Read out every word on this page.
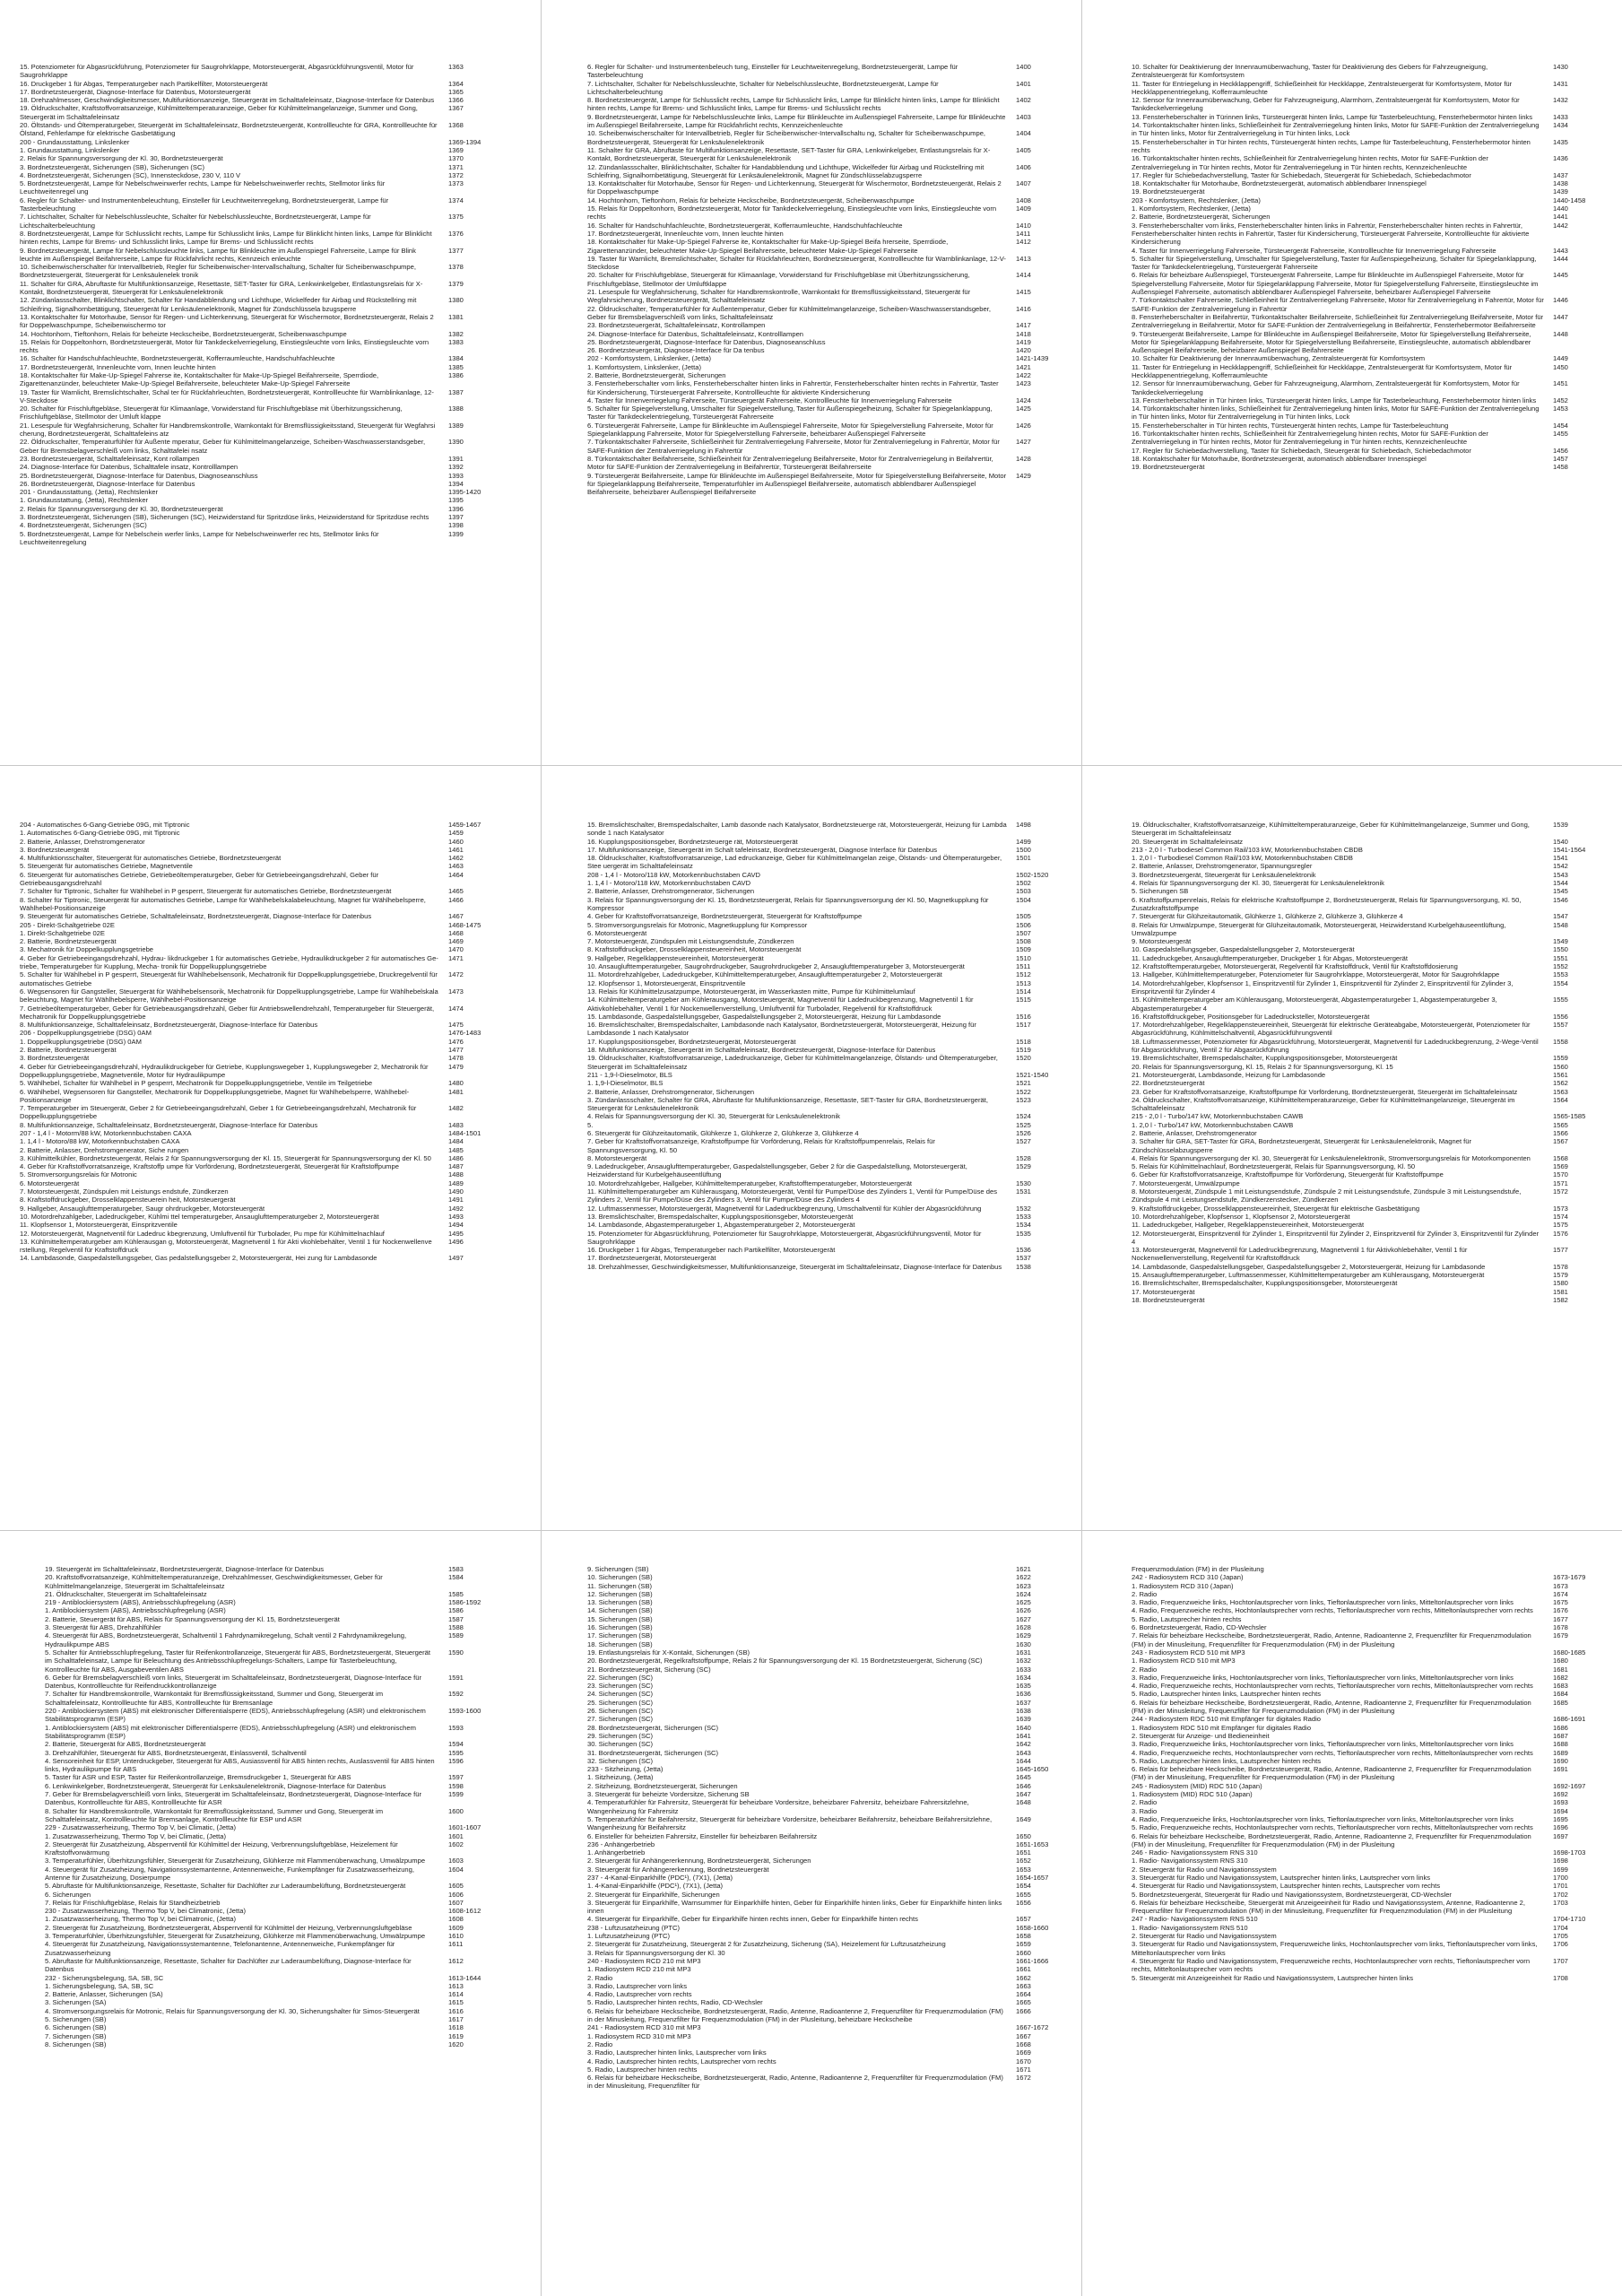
15. Potenziometer für Abgasrückführung, Potenziometer für Saugrohrklappe, Motorsteuergerät, Abgasrückführungsventil, Motor für Saugrohrklappe
1363
16. Druckgeber 1 für Abgas, Temperaturgeber nach Partikelfilter, Motorsteuergerät	1364
17. Bordnetzsteuergerät, Diagnose-Interface für Datenbus, Motorsteuergerät	1365
18. Drehzahlmesser, Geschwindigkeitsmesser, Multifunktionsanzeige, Steuergerät im Schalttafeleinsatz, Diagnose-Interface für Datenbus	1366
19. Öldruckschalter, Kraftstoffvorratsanzeige, Kühlmitteltemperaturanzeige, Geber für Kühlmittelmangelanzeige, Summer und Gong, Steuergerät im Schalttafeleinsatz
1367
20. Öltstands- und Öltemperaturgeber, Steuergerät im Schalttafeleinsatz, Bordnetzsteuergerät, Kontrollleuchte für GRA, Kontrollleuchte für Ölstand, Fehlerlampe für elektrische Gasbetätigung
1368
200 - Grundausstattung, Linkslenker	1369-1394
1. Grundausstattung, Linkslenker	1369
2. Relais für Spannungsversorgung der Kl. 30, Bordnetzsteuergerät	1370
3. Bordnetzsteuergerät, Sicherungen (SB), Sicherungen (SC)	1371
4. Bordnetzsteuergerät, Sicherungen (SC), Innensteckdose, 230 V, 110 V	1372
5. Bordnetzsteuergerät, Lampe für Nebelschweinwerfer rechts, Lampe für Nebelschweinwerfer rechts, Stellmotor links für Leuchtweitenregel ung
1373
6. Regler für Schalter- und Instrumentenbeleuchtung, Einsteller für Leuchtweitenregelung, Bordnetzsteuergerät, Lampe für Tasterbeleuchtung
1374
7. Lichtschalter, Schalter für Nebelschlussleuchte, Schalter für Nebelschlussleuchte, Bordnetzsteuergerät, Lampe für Lichtschalterbeleuchtung
1375
8. Bordnetzsteuergerät, Lampe für Schlusslicht rechts, Lampe für Schlusslicht links, Lampe für Blinklicht hinten links, Lampe für Blinklicht hinten rechts, Lampe für Brems- und Schlusslicht links, Lampe für Brems- und Schlusslicht rechts
1376
9. Bordnetzsteuergerät, Lampe für Nebelschlussleuchte links, Lampe für Blinkleuchte im Außenspiegel Fahrerseite, Lampe für Blink leuchte im Außenspiegel Beifahrerseite, Lampe für Rückfahrlicht rechts, Kennzeich enleuchte
1377
10. Scheibenwischerschalter für Intervallbetrieb, Regler für Scheibenwischer-Intervallschaltung, Schalter für Scheibenwaschpumpe, Bordnetzsteuergerät, Steuergerät für Lenksäulenelek tronik
1378
11. Schalter für GRA, Abruftaste für Multifunktionsanzeige, Resettaste, SET-Taster für GRA, Lenkwinkelgeber, Entlastungsrelais für X-Kontakt, Bordnetzsteuergerät, Steuergerät für Lenksäulenelektronik
1379
12. Zündanlassschalter, Blinklichtschalter, Schalter für Handabblendung und Lichthupe, Wickelfeder für Airbag und Rückstellring mit Schleifring, Signalhornbetätigung, Steuergerät für Lenksäulenelektronik, Magnet für Zündschlüssela bzugsperre
1380
13. Kontaktschalter für Motorhaube, Sensor für Regen- und Lichterkennung, Steuergerät für Wischermotor, Bordnetzsteuergerät, Relais 2 für Doppelwaschpumpe, Scheibenwischermo tor
1381
14. Hochtonhorn, Tieftonhorn, Relais für beheizte Heckscheibe, Bordnetzsteuergerät, Scheibenwaschpumpe	1382
15. Relais für Doppeltonhorn, Bordnetzsteuergerät, Motor für Tankdeckelverriegelung, Einstiegsleuchte vorn links, Einstiegsleuchte vorn rechts
1383
16. Schalter für Handschuhfachleuchte, Bordnetzsteuergerät, Kofferraumleuchte, Handschuhfachleuchte	1384
17. Bordnetzsteuergerät, Innenleuchte vorn, Innen leuchte hinten	1385
18. Kontaktschalter für Make-Up-Spiegel Fahrerse ite, Kontaktschalter für Make-Up-Spiegel Beifahrerseite, Sperrdiode, Zigarettenanzünder, beleuchteter Make-Up-Spiegel Beifahrerseite, beleuchteter Make-Up-Spiegel Fahrerseite
1386
19. Taster für Warnlicht, Bremslichtschalter, Schal ter für Rückfahrleuchten, Bordnetzsteuergerät, Kontrollleuchte für Warnblinkanlage, 12-V-Steckdose
1387
20. Schalter für Frischluftgebläse, Steuergerät für Klimaanlage, Vorwiderstand für Frischluftgebläse mit Überhitzungssicherung, Frischluftgebläse, Stellmotor der Umluft klappe
1388
21. Lesespule für Wegfahrsicherung, Schalter für Handbremskontrolle, Warnkontakt für Bremsflüssigkeitsstand, Steuergerät für Wegfahrsi cherung, Bordnetzsteuergerät, Schalttafeleins atz
1389
22. Öldruckschalter, Temperaturfühler für Außente mperatur, Geber für Kühlmittelmangelanzeige, Scheiben-Waschwasserstandsgeber, Geber für Bremsbelagverschleiß vorn links, Schalttafelei nsatz
1390
23. Bordnetzsteuergerät, Schalttafeleinsatz, Kont rollampen	1391
24. Diagnose-Interface für Datenbus, Schalttafele insatz, Kontrolllampen	1392
25. Bordnetzsteuergerät, Diagnose-Interface für Datenbus, Diagnoseanschluss	1393
26. Bordnetzsteuergerät, Diagnose-Interface für Datenbus	1394
201 - Grundausstattung, (Jetta), Rechtslenker	1395-1420
1. Grundausstattung, (Jetta), Rechtslenker	1395
2. Relais für Spannungsversorgung der Kl. 30, Bordnetzsteuergerät	1396
3. Bordnetzsteuergerät, Sicherungen (SB), Sicherungen (SC), Heizwiderstand für Spritzdüse links, Heizwiderstand für Spritzdüse rechts	1397
4. Bordnetzsteuergerät, Sicherungen (SC)	1398
5. Bordnetzsteuergerät, Lampe für Nebelschein werfer links, Lampe für Nebelschweinwerfer rec hts, Stellmotor links für Leuchtweitenregelung
1399
6. Regler für Schalter- und Instrumentenbeleuch tung, Einsteller für Leuchtweitenregelung, Bordnetzsteuergerät, Lampe für Tasterbeleuchtung
1400
7. Lichtschalter, Schalter für Nebelschlussleuchte, Schalter für Nebelschlussleuchte, Bordnetzsteuergerät, Lampe für Lichtschalterbeleuchtung
1401
8. Bordnetzsteuergerät, Lampe für Schlusslicht rechts, Lampe für Schlusslicht links, Lampe für Blinklicht hinten links, Lampe für Blinklicht hinten rechts, Lampe für Brems- und Schlusslicht links, Lampe für Brems- und Schlusslicht rechts
1402
9. Bordnetzsteuergerät, Lampe für Nebelschlussleuchte links, Lampe für Blinkleuchte im Außenspiegel Fahrerseite, Lampe für Blinkleuchte im Außenspiegel Beifahrerseite, Lampe für Rückfahrlicht rechts, Kennzeichenleuchte
1403
10. Scheibenwischerschalter für Intervallbetrieb, Regler für Scheibenwischer-Intervallschaltu ng, Schalter für Scheibenwaschpumpe, Bordnetzsteuergerät, Steuergerät für Lenksäulenelektronik
1404
11. Schalter für GRA, Abruftaste für Multifunktionsanzeige, Resettaste, SET-Taster für GRA, Lenkwinkelgeber, Entlastungsrelais für X-Kontakt, Bordnetzsteuergerät, Steuergerät für Lenksäulenelektronik
1405
12. Zündanlassschalter, Blinklichtschalter, Schalter für Handabblendung und Lichthupe, Wickelfeder für Airbag und Rückstellring mit Schleifring, Signalhornbetätigung, Steuergerät für Lenksäulenelektronik, Magnet für Zündschlüsselabzugsperre
1406
13. Kontaktschalter für Motorhaube, Sensor für Regen- und Lichterkennung, Steuergerät für Wischermotor, Bordnetzsteuergerät, Relais 2 für Doppelwaschpumpe
1407
14. Hochtonhorn, Tieftonhorn, Relais für beheizte Heckscheibe, Bordnetzsteuergerät, Scheibenwaschpumpe	1408
15. Relais für Doppeltonhorn, Bordnetzsteuergerät, Motor für Tankdeckelverriegelung, Einstiegsleuchte vorn links, Einstiegsleuchte vorn rechts
1409
16. Schalter für Handschuhfachleuchte, Bordnetzsteuergerät, Kofferraumleuchte, Handschuhfachleuchte	1410
17. Bordnetzsteuergerät, Innenleuchte vorn, Innen leuchte hinten	1411
18. Kontaktschalter für Make-Up-Spiegel Fahrerse ite, Kontaktschalter für Make-Up-Spiegel Beifa hrerseite, Sperrdiode, Zigarettenanzünder, beleuchteter Make-Up-Spiegel Beifahrerseite, beleuchteter Make-Up-Spiegel Fahrerseite
1412
19. Taster für Warnlicht, Bremslichtschalter, Schalter für Rückfahrleuchten, Bordnetzsteuergerät, Kontrollleuchte für Warnblinkanlage, 12-V-Steckdose
1413
20. Schalter für Frischluftgebläse, Steuergerät für Klimaanlage, Vorwiderstand für Frischluftgebläse mit Überhitzungssicherung, Frischluftgebläse, Stellmotor der Umluftklappe
1414
21. Lesespule für Wegfahrsicherung, Schalter für Handbremskontrolle, Warnkontakt für Bremsflüssigkeitsstand, Steuergerät für Wegfahrsicherung, Bordnetzsteuergerät, Schalttafeleinsatz
1415
22. Öldruckschalter, Temperaturfühler für Außentemperatur, Geber für Kühlmittelmangelanzeige, Scheiben-Waschwasserstandsgeber, Geber für Bremsbelagverschleiß vorn links, Schalttafeleinsatz
1416
23. Bordnetzsteuergerät, Schalttafeleinsatz, Kontrollampen	1417
24. Diagnose-Interface für Datenbus, Schalttafeleinsatz, Kontrolllampen	1418
25. Bordnetzsteuergerät, Diagnose-Interface für Datenbus, Diagnoseanschluss	1419
26. Bordnetzsteuergerät, Diagnose-Interface für Da tenbus	1420
202 - Komfortsystem, Linkslenker, (Jetta)	1421-1439
1. Komfortsystem, Linkslenker, (Jetta)	1421
2. Batterie, Bordnetzsteuergerät, Sicherungen	1422
3. Fensterheberschalter vorn links, Fensterheberschalter hinten links in Fahrertür, Fensterheberschalter hinten rechts in Fahrertür, Taster für Kindersicherung, Türsteuergerät Fahrerseite, Kontrollleuchte für aktivierte Kindersicherung
1423
4. Taster für Innenverriegelung Fahrerseite, Türsteuergerät Fahrerseite, Kontrollleuchte für Innenverriegelung Fahrerseite	1424
5. Schalter für Spiegelverstellung, Umschalter für Spiegelverstellung, Taster für Außenspiegelheizung, Schalter für Spiegelanklappung, Taster für Tankdeckelentriegelung, Türsteuergerät Fahrerseite
1425
6. Türsteuergerät Fahrerseite, Lampe für Blinkleuchte im Außenspiegel Fahrerseite, Motor für Spiegelverstellung Fahrerseite, Motor für Spiegelanklappung Fahrerseite, Motor für Spiegelverstellung Fahrerseite, beheizbarer Außenspiegel Fahrerseite
1426
7. Türkontaktschalter Fahrerseite, Schließeinheit für Zentralverriegelung Fahrerseite, Motor für Zentralverriegelung in Fahrertür, Motor für SAFE-Funktion der Zentralverriegelung in Fahrertür
1427
8. Türkontaktschalter Beifahrerseite, Schließeinheit für Zentralverriegelung Beifahrerseite, Motor für Zentralverriegelung in Beifahrertür, Motor für SAFE-Funktion der Zentralverriegelung in Beifahrertür, Türsteuergerät Beifahrerseite
1428
9. Türsteuergerät Beifahrerseite, Lampe für Blinkleuchte im Außenspiegel Beifahrerseite, Motor für Spiegelverstellung Beifahrerseite, Motor für Spiegelanklappung Beifahrerseite, Temperaturfühler im Außenspiegel Beifahrerseite, automatisch abblendbarer Außenspiegel Beifahrerseite, beheizbarer Außenspiegel Beifahrerseite
1429
10. Schalter für Deaktivierung der Innenraumüberwachung, Taster für Deaktivierung des Gebers für Fahrzeugneigung, Zentralsteuergerät für Komfortsystem
1430
11. Taster für Entriegelung in Heckklappengriff, Schließeinheit für Heckklappe, Zentralsteuergerät für Komfortsystem, Motor für Heckklappenentriegelung, Kofferraumleuchte
1431
12. Sensor für Innenraumüberwachung, Geber für Fahrzeugneigung, Alarmhorn, Zentralsteuergerät für Komfortsystem, Motor für Tankdeckelverriegelung
1432
13. Fensterheberschalter in Türinnen links, Türsteuergerät hinten links, Lampe für Tasterbeleuchtung, Fensterhebermotor hinten links	1433
14. Türkontaktschalter hinten links, Schließeinheit für Zentralverriegelung hinten links, Motor für SAFE-Funktion der Zentralverriegelung in Tür hinten links, Motor für Zentralverriegelung in Tür hinten links, Lock
1434
15. Fensterheberschalter in Tür hinten rechts, Türsteuergerät hinten rechts, Lampe für Tasterbeleuchtung, Fensterhebermotor hinten rechts
1435
16. Türkontaktschalter hinten rechts, Schließeinheit für Zentralverriegelung hinten rechts, Motor für SAFE-Funktion der Zentralverriegelung in Tür hinten rechts, Motor für Zentralverriegelung in Tür hinten rechts, Kennzeichenleuchte
1436
17. Regler für Schiebedachverstellung, Taster für Schiebedach, Steuergerät für Schiebedach, Schiebedachmotor	1437
18. Kontaktschalter für Motorhaube, Bordnetzsteuergerät, automatisch abblendbarer Innenspiegel	1438
19. Bordnetzsteuergerät	1439
203 - Komfortsystem, Rechtslenker, (Jetta)	1440-1458
1. Komfortsystem, Rechtslenker, (Jetta)	1440
2. Batterie, Bordnetzsteuergerät, Sicherungen	1441
3. Fensterheberschalter vorn links, Fensterheberschalter hinten links in Fahrertür, Fensterheberschalter hinten rechts in Fahrertür, Fensterheberschalter hinten rechts in Fahrertür, Taster für Kindersicherung, Türsteuergerät Fahrerseite, Kontrollleuchte für aktivierte Kindersicherung
1442
4. Taster für Innenverriegelung Fahrerseite, Türsteuergerät Fahrerseite, Kontrollleuchte für Innenverriegelung Fahrerseite	1443
5. Schalter für Spiegelverstellung, Umschalter für Spiegelverstellung, Taster für Außenspiegelheizung, Schalter für Spiegelanklappung, Taster für Tankdeckelentriegelung, Türsteuergerät Fahrerseite
1444
6. Relais für beheizbare Außenspiegel, Türsteuergerät Fahrerseite, Lampe für Blinkleuchte im Außenspiegel Fahrerseite, Motor für Spiegelverstellung Fahrerseite, Motor für Spiegelanklappung Fahrerseite, Motor für Spiegelverstellung Fahrerseite, Einstiegsleuchte im Außenspiegel Fahrerseite, automatisch abblendbarer Außenspiegel Fahrerseite, beheizbarer Außenspiegel Fahrerseite
1445
7. Türkontaktschalter Fahrerseite, Schließeinheit für Zentralverriegelung Fahrerseite, Motor für Zentralverriegelung in Fahrertür, Motor für SAFE-Funktion der Zentralverriegelung in Fahrertür
1446
8. Fensterheberschalter in Beifahrertür, Türkontaktschalter Beifahrerseite, Schließeinheit für Zentralverriegelung Beifahrerseite, Motor für Zentralverriegelung in Beifahrertür, Motor für SAFE-Funktion der Zentralverriegelung in Beifahrertür, Fensterhebermotor Beifahrerseite
1447
9. Türsteuergerät Beifahrerseite, Lampe für Blinkleuchte im Außenspiegel Beifahrerseite, Motor für Spiegelverstellung Beifahrerseite, Motor für Spiegelanklappung Beifahrerseite, Motor für Spiegelverstellung Beifahrerseite, Einstiegsleuchte, automatisch abblendbarer Außenspiegel Beifahrerseite, beheizbarer Außenspiegel Beifahrerseite
1448
10. Schalter für Deaktivierung der Innenraumüberwachung, Zentralsteuergerät für Komfortsystem	1449
11. Taster für Entriegelung in Heckklappengriff, Schließeinheit für Heckklappe, Zentralsteuergerät für Komfortsystem, Motor für Heckklappenentriegelung, Kofferraumleuchte
1450
12. Sensor für Innenraumüberwachung, Geber für Fahrzeugneigung, Alarmhorn, Zentralsteuergerät für Komfortsystem, Motor für Tankdeckelverriegelung
1451
13. Fensterheberschalter in Tür hinten links, Türsteuergerät hinten links, Lampe für Tasterbeleuchtung, Fensterhebermotor hinten links	1452
14. Türkontaktschalter hinten links, Schließeinheit für Zentralverriegelung hinten links, Motor für SAFE-Funktion der Zentralverriegelung in Tür hinten links, Motor für Zentralverriegelung in Tür hinten links, Lock
1453
15. Fensterheberschalter in Tür hinten rechts, Türsteuergerät hinten rechts, Lampe für Tasterbeleuchtung	1454
16. Türkontaktschalter hinten rechts, Schließeinheit für Zentralverriegelung hinten rechts, Motor für SAFE-Funktion der Zentralverriegelung in Tür hinten rechts, Motor für Zentralverriegelung in Tür hinten rechts, Kennzeichenleuchte
1455
17. Regler für Schiebedachverstellung, Taster für Schiebedach, Steuergerät für Schiebedach, Schiebedachmotor	1456
18. Kontaktschalter für Motorhaube, Bordnetzsteuergerät, automatisch abblendbarer Innenspiegel	1457
19. Bordnetzsteuergerät	1458
204 - Automatisches 6-Gang-Getriebe 09G, mit Tiptronic	1459-1467
1. Automatisches 6-Gang-Getriebe 09G, mit Tiptronic	1459
2. Batterie, Anlasser, Drehstromgenerator	1460
3. Bordnetzsteuergerät	1461
4. Multifunktionsschalter, Steuergerät für automatisches Getriebe, Bordnetzsteuergerät	1462
5. Steuergerät für automatisches Getriebe, Magnetventile	1463
6. Steuergerät für automatisches Getriebe, Getriebeöltemperaturgeber, Geber für Getriebeeingangsdrehzahl, Geber für Getriebeausgangsdrehzahl
1464
7. Schalter für Tiptronic, Schalter für Wählhebel in P gesperrt, Steuergerät für automatisches Getriebe, Bordnetzsteuergerät	1465
8. Schalter für Tiptronic, Steuergerät für automatisches Getriebe, Lampe für Wählhebelskalabeleuchtung, Magnet für Wählhebelsperre, Wählhebel-Positionsanzeige
1466
9. Steuergerät für automatisches Getriebe, Schalttafeleinsatz, Bordnetzsteuergerät, Diagnose-Interface für Datenbus	1467
205 - Direkt-Schaltgetriebe 02E	1468-1475
1. Direkt-Schaltgetriebe 02E	1468
2. Batterie, Bordnetzsteuergerät	1469
3. Mechatronik für Doppelkupplungsgetriebe	1470
4. Geber für Getriebeeingangsdrehzahl, Hydrau- likdruckgeber 1 für automatisches Getriebe, Hydraulikdruckgeber 2 für automatisches Ge- triebe, Temperaturgeber für Kupplung, Mecha- tronik für Doppelkupplungsgetriebe
1471
5. Schalter für Wählhebel in P gesperrt, Steuergerät für Wählhebelsensorik, Mechatronik für Doppelkupplungsgetriebe, Druckregelventil für automatisches Getriebe
1472
6. Wegsensoren für Gangsteller, Steuergerät für Wählhebelsensorik, Mechatronik für Doppelkupplungsgetriebe, Lampe für Wählhebelskala beleuchtung, Magnet für Wählhebelsperre, Wählhebel-Positionsanzeige
1473
7. Getriebeöltemperaturgeber, Geber für Getriebeausgangsdrehzahl, Geber für Antriebswellendrehzahl, Temperaturgeber für Steuergerät, Mechatronik für Doppelkupplungsgetriebe
1474
8. Multifunktionsanzeige, Schalttafeleinsatz, Bordnetzsteuergerät, Diagnose-Interface für Datenbus	1475
206 - Doppelkupplungsgetriebe (DSG) 0AM	1476-1483
1. Doppelkupplungsgetriebe (DSG) 0AM	1476
2. Batterie, Bordnetzsteuergerät	1477
3. Bordnetzsteuergerät	1478
4. Geber für Getriebeeingangsdrehzahl, Hydraulikdruckgeber für Getriebe, Kupplungswegeber 1, Kupplungswegeber 2, Mechatronik für Doppelkupplungsgetriebe, Magnetventile, Motor für Hydraulikpumpe
1479
5. Wählhebel, Schalter für Wählhebel in P gesperrt, Mechatronik für Doppelkupplungsgetriebe, Ventile im Teilgetriebe	1480
6. Wählhebel, Wegsensoren für Gangsteller, Mechatronik für Doppelkupplungsgetriebe, Magnet für Wählhebelsperre, Wählhebel-Positionsanzeige
1481
7. Temperaturgeber im Steuergerät, Geber 2 für Getriebeeingangsdrehzahl, Geber 1 für Getriebeeingangsdrehzahl, Mechatronik für Doppelkupplungsgetriebe
1482
8. Multifunktionsanzeige, Schalttafeleinsatz, Bordnetzsteuergerät, Diagnose-Interface für Datenbus	1483
207 - 1,4 l - Motorm/88 kW, Motorkennbuchstaben CAXA	1484-1501
1. 1,4 l - Motoro/88 kW, Motorkennbuchstaben CAXA	1484
2. Batterie, Anlasser, Drehstromgenerator, Siche rungen	1485
3. Kühlmittelkühler, Bordnetzsteuergerät, Relais 2 für Spannungsversorgung der Kl. 15, Steuergerät für Spannungsversorgung der Kl. 50	1486
4. Geber für Kraftstoffvorratsanzeige, Kraftstoffp umpe für Vorförderung, Bordnetzsteuergerät, Steuergerät für Kraftstoffpumpe	1487
5. Stromversorgungsrelais für Motronic	1488
6. Motorsteuergerät	1489
7. Motorsteuergerät, Zündspulen mit Leistungs endstufe, Zündkerzen	1490
8. Kraftstoffdruckgeber, Drosselklappensteuerein heit, Motorsteuergerät	1491
9. Hallgeber, Ansauglufttemperaturgeber, Saugr ohrdruckgeber, Motorsteuergerät	1492
10. Motordrehzahlgeber, Ladedruckgeber, Kühlmi ttel temperaturgeber, Ansauglufttemperaturgeber 2, Motorsteuergerät	1493
11. Klopfsensor 1, Motorsteuergerät, Einspritzventile	1494
12. Motorsteuergerät, Magnetventil für Ladedruc kbegrenzung, Umluftventil für Turbolader, Pu mpe für Kühlmittelnachlauf	1495
13. Kühlmitteltemperaturgeber am Kühlerausgan g, Motorsteuergerät, Magnetventil 1 für Akti vkohlebehälter, Ventil 1 für Nockenwellenve rstellung, Regelventil für Kraftstoffdruck
1496
14. Lambdasonde, Gaspedalstellungsgeber, Gas pedalstellungsgeber 2, Motorsteuergerät, Hei zung für Lambdasonde	1497
15. Bremslichtschalter, Bremspedalschalter, Lamb dasonde nach Katalysator, Bordnetzsteuerge rät, Motorsteuergerät, Heizung für Lambda sonde 1 nach Katalysator
1498
16. Kupplungspositionsgeber, Bordnetzsteuerge rät, Motorsteuergerät	1499
17. Multifunktionsanzeige, Steuergerät im Schalt tafeleinsatz, Bordnetzsteuergerät, Diagnose Interface für Datenbus	1500
18. Öldruckschalter, Kraftstoffvorratsanzeige, Lad edruckanzeige, Geber für Kühlmittelmangelan zeige, Ölstands- und Öltemperaturgeber, Stee uergerät im Schalttafeleinsatz
1501
208 - 1,4 l - Motoro/118 kW, Motorkennbuchstaben CAVD	1502-1520
1. 1,4 l - Motoro/118 kW, Motorkennbuchstaben CAVD	1502
2. Batterie, Anlasser, Drehstromgenerator, Sicherungen	1503
3. Relais für Spannungsversorgung der Kl. 15, Bordnetzsteuergerät, Relais für Spannungsversorgung der Kl. 50, Magnetkupplung für Kompressor
1504
4. Geber für Kraftstoffvorratsanzeige, Bordnetzsteuergerät, Steuergerät für Kraftstoffpumpe	1505
5. Stromversorgungsrelais für Motronic, Magnetkupplung für Kompressor	1506
6. Motorsteuergerät	1507
7. Motorsteuergerät, Zündspulen mit Leistungsendstufe, Zündkerzen	1508
8. Kraftstoffdruckgeber, Drosselklappensteuereinheit, Motorsteuergerät	1509
9. Hallgeber, Regelklappensteuereinheit, Motorsteuergerät	1510
10. Ansauglufttemperaturgeber, Saugrohrdruckgeber, Saugrohrdruckgeber 2, Ansauglufttemperaturgeber 3, Motorsteuergerät	1511
11. Motordrehzahlgeber, Ladedruckgeber, Kühlmitteltemperaturgeber, Ansauglufttemperaturgeber 2, Motorsteuergerät	1512
12. Klopfsensor 1, Motorsteuergerät, Einspritzventile	1513
13. Relais für Kühlmittelzusatzpumpe, Motorsteuergerät, im Wasserkasten mitte, Pumpe für Kühlmittelumlauf	1514
14. Kühlmitteltemperaturgeber am Kühlerausgang, Motorsteuergerät, Magnetventil für Ladedruckbegrenzung, Magnetventil 1 für Aktivkohlebehälter, Ventil 1 für Nockenwellenverstellung, Umluftventil für Turbolader, Regelventil für Kraftstoffdruck
1515
15. Lambdasonde, Gaspedalstellungsgeber, Gaspedalstellungsgeber 2, Motorsteuergerät, Heizung für Lambdasonde	1516
16. Bremslichtschalter, Bremspedalschalter, Lambdasonde nach Katalysator, Bordnetzsteuergerät, Motorsteuergerät, Heizung für Lambdasonde 1 nach Katalysator
1517
17. Kupplungspositionsgeber, Bordnetzsteuergerät, Motorsteuergerät	1518
18. Multifunktionsanzeige, Steuergerät im Schalttafeleinsatz, Bordnetzsteuergerät, Diagnose-Interface für Datenbus	1519
19. Öldruckschalter, Kraftstoffvorratsanzeige, Ladedruckanzeige, Geber für Kühlmittelmangelanzeige, Ölstands- und Öltemperaturgeber, Steuergerät im Schalttafeleinsatz
1520
211 - 1,9-l-Dieselmotor, BLS	1521-1540
1. 1,9-l-Dieselmotor, BLS	1521
2. Batterie, Anlasser, Drehstromgenerator, Sicherungen	1522
3. Zündanlassschalter, Schalter für GRA, Abruftaste für Multifunktionsanzeige, Resettaste, SET-Taster für GRA, Bordnetzsteuergerät, Steuergerät für Lenksäulenelektronik
1523
4. Relais für Spannungsversorgung der Kl. 30, Steuergerät für Lenksäulenelektronik	1524
5.	1525
6. Steuergerät für Glühzeitautomatik, Glühkerze 1, Glühkerze 2, Glühkerze 3, Glühkerze 4	1526
7. Geber für Kraftstoffvorratsanzeige, Kraftstoffpumpe für Vorförderung, Relais für Kraftstoffpumpenrelais, Relais für Spannungsversorgung, Kl. 50
1527
8. Motorsteuergerät	1528
9. Ladedruckgeber, Ansauglufttemperaturgeber, Gaspedalstellungsgeber, Geber 2 für die Gaspedalstellung, Motorsteuergerät, Heizwiderstand für Kurbelgehäuseentlüftung
1529
10. Motordrehzahlgeber, Hallgeber, Kühlmitteltemperaturgeber, Kraftstofftemperaturgeber, Motorsteuergerät	1530
11. Kühlmitteltemperaturgeber am Kühlerausgang, Motorsteuergerät, Ventil für Pumpe/Düse des Zylinders 1, Ventil für Pumpe/Düse des Zylinders 2, Ventil für Pumpe/Düse des Zylinders 3, Ventil für Pumpe/Düse des Zylinders 4
1531
12. Luftmassenmesser, Motorsteuergerät, Magnetventil für Ladedruckbegrenzung, Umschaltventil für Kühler der Abgasrückführung	1532
13. Bremslichtschalter, Bremspedalschalter, Kupplungspositionsgeber, Motorsteuergerät	1533
14. Lambdasonde, Abgastemperaturgeber 1, Abgastemperaturgeber 2, Motorsteuergerät	1534
15. Potenziometer für Abgasrückführung, Potenziometer für Saugrohrklappe, Motorsteuergerät, Abgasrückführungsventil, Motor für Saugrohrklappe
1535
16. Druckgeber 1 für Abgas, Temperaturgeber nach Partikelfilter, Motorsteuergerät	1536
17. Bordnetzsteuergerät, Motorsteuergerät	1537
18. Drehzahlmesser, Geschwindigkeitsmesser, Multifunktionsanzeige, Steuergerät im Schalttafeleinsatz, Diagnose-Interface für Datenbus	1538
19. Öldruckschalter, Kraftstoffvorratsanzeige, Kühlmitteltemperaturanzeige, Geber für Kühlmittelmangelanzeige, Summer und Gong, Steuergerät im Schalttafeleinsatz
1539
20. Steuergerät im Schalttafeleinsatz	1540
213 - 2,0 l - Turbodiesel Common Rail/103 kW, Motorkennbuchstaben CBDB	1541-1564
1. 2,0 l - Turbodiesel Common Rail/103 kW, Motorkennbuchstaben CBDB	1541
2. Batterie, Anlasser, Drehstromgenerator, Spannungsregler	1542
3. Bordnetzsteuergerät, Steuergerät für Lenksäulenelektronik	1543
4. Relais für Spannungsversorgung der Kl. 30, Steuergerät für Lenksäulenelektronik	1544
5. Sicherungen SB	1545
6. Kraftstoffpumpenrelais, Relais für elektrische Kraftstoffpumpe 2, Bordnetzsteuergerät, Relais für Spannungsversorgung, Kl. 50, Zusatzkraftstoffpumpe
1546
7. Steuergerät für Glühzeitautomatik, Glühkerze 1, Glühkerze 2, Glühkerze 3, Glühkerze 4	1547
8. Relais für Umwälzpumpe, Steuergerät für Glühzeitautomatik, Motorsteuergerät, Heizwiderstand Kurbelgehäuseentlüftung, Umwälzpumpe
1548
9. Motorsteuergerät	1549
10. Gaspedalstellungsgeber, Gaspedalstellungsgeber 2, Motorsteuergerät	1550
11. Ladedruckgeber, Ansauglufttemperaturgeber, Druckgeber 1 für Abgas, Motorsteuergerät	1551
12. Kraftstofftemperaturgeber, Motorsteuergerät, Regelventil für Kraftstoffdruck, Ventil für Kraftstoffdosierung	1552
13. Hallgeber, Kühlmitteltemperaturgeber, Potenziometer für Saugrohrklappe, Motorsteuergerät, Motor für Saugrohrklappe	1553
14. Motordrehzahlgeber, Klopfsensor 1, Einspritzventil für Zylinder 1, Einspritzventil für Zylinder 2, Einspritzventil für Zylinder 3, Einspritzventil für Zylinder 4
1554
15. Kühlmitteltemperaturgeber am Kühlerausgang, Motorsteuergerät, Abgastemperaturgeber 1, Abgastemperaturgeber 3, Abgastemperaturgeber 4
1555
16. Kraftstoffdruckgeber, Positionsgeber für Ladedrucksteller, Motorsteuergerät	1556
17. Motordrehzahlgeber, Regelklappensteuereinheit, Steuergerät für elektrische Geräteabgabe, Motorsteuergerät, Potenziometer für Abgasrückführung, Kühlmittelschaltventil, Abgasrückführungsventil
1557
18. Luftmassenmesser, Potenziometer für Abgasrückführung, Motorsteuergerät, Magnetventil für Ladedruckbegrenzung, 2-Wege-Ventil für Abgasrückführung, Ventil 2 für Abgasrückführung
1558
19. Bremslichtschalter, Bremspedalschalter, Kupplungspositionsgeber, Motorsteuergerät	1559
20. Relais für Spannungsversorgung, Kl. 15, Relais 2 für Spannungsversorgung, Kl. 15	1560
21. Motorsteuergerät, Lambdasonde, Heizung für Lambdasonde	1561
22. Bordnetzsteuergerät	1562
23. Geber für Kraftstoffvorratsanzeige, Kraftstoffpumpe für Vorförderung, Bordnetzsteuergerät, Steuergerät im Schalttafeleinsatz	1563
24. Öldruckschalter, Kraftstoffvorratsanzeige, Kühlmitteltemperaturanzeige, Geber für Kühlmittelmangelanzeige, Steuergerät im Schalttafeleinsatz
1564
215 - 2,0 l - Turbo/147 kW, Motorkennbuchstaben CAWB	1565-1585
1. 2,0 l - Turbo/147 kW, Motorkennbuchstaben CAWB	1565
2. Batterie, Anlasser, Drehstromgenerator	1566
3. Schalter für GRA, SET-Taster für GRA, Bordnetzsteuergerät, Steuergerät für Lenksäulenelektronik, Magnet für Zündschlüsselabzugsperre
1567
4. Relais für Spannungsversorgung der Kl. 30, Steuergerät für Lenksäulenelektronik, Stromversorgungsrelais für Motorkomponenten	1568
5. Relais für Kühlmittelnachlauf, Bordnetzsteuergerät, Relais für Spannungsversorgung, Kl. 50	1569
6. Geber für Kraftstoffvorratsanzeige, Kraftstoffpumpe für Vorförderung, Steuergerät für Kraftstoffpumpe	1570
7. Motorsteuergerät, Umwälzpumpe	1571
8. Motorsteuergerät, Zündspule 1 mit Leistungsendstufe, Zündspule 2 mit Leistungsendstufe, Zündspule 3 mit Leistungsendstufe, Zündspule 4 mit Leistungsendstufe, Zündkerzenstecker, Zündkerzen
1572
9. Kraftstoffdruckgeber, Drosselklappensteuereinheit, Steuergerät für elektrische Gasbetätigung	1573
10. Motordrehzahlgeber, Klopfsensor 1, Klopfsensor 2, Motorsteuergerät	1574
11. Ladedruckgeber, Hallgeber, Regelklappensteuereinheit, Motorsteuergerät	1575
12. Motorsteuergerät, Einspritzventil für Zylinder 1, Einspritzventil für Zylinder 2, Einspritzventil für Zylinder 3, Einspritzventil für Zylinder 4
1576
13. Motorsteuergerät, Magnetventil für Ladedruckbegrenzung, Magnetventil 1 für Aktivkohlebehälter, Ventil 1 für Nockenwellenverstellung, Regelventil für Kraftstoffdruck
1577
14. Lambdasonde, Gaspedalstellungsgeber, Gaspedalstellungsgeber 2, Motorsteuergerät, Heizung für Lambdasonde	1578
15. Ansauglufttemperaturgeber, Luftmassenmesser, Kühlmitteltemperaturgeber am Kühlerausgang, Motorsteuergerät	1579
16. Bremslichtschalter, Bremspedalschalter, Kupplungspositionsgeber, Motorsteuergerät	1580
17. Motorsteuergerät	1581
18. Bordnetzsteuergerät	1582
19. Steuergerät im Schalttafeleinsatz, Bordnetzsteuergerät, Diagnose-Interface für Datenbus	1583
20. Kraftstoffvorratsanzeige, Kühlmitteltemperaturanzeige, Drehzahlmesser, Geschwindigkeitsmesser, Geber für Kühlmittelmangelanzeige, Steuergerät im Schalttafeleinsatz
1584
21. Öldruckschalter, Steuergerät im Schalttafeleinsatz	1585
219 - Antiblockiersystem (ABS), Antriebsschlupfregelung (ASR)	1586-1592
1. Antiblockiersystem (ABS), Antriebsschlupfregelung (ASR)	1586
2. Batterie, Steuergerät für ABS, Relais für Spannungsversorgung der Kl. 15, Bordnetzsteuergerät	1587
3. Steuergerät für ABS, Drehzahlfühler	1588
4. Steuergerät für ABS, Bordnetzsteuergerät, Schaltventil 1 Fahrdynamikregelung, Schalt ventil 2 Fahrdynamikregelung, Hydraulikpumpe ABS
1589
5. Schalter für Antriebsschlupfregelung, Taster für Reifenkontrollanzeige, Steuergerät für ABS, Bordnetzsteuergerät, Steuergerät im Schalttafeleinsatz, Lampe für Beleuchtung des Antriebsschlupfregelungs-Schalters, Lampe für Tasterbeleuchtung, Kontrollleuchte für ABS, Ausgabeventilen ABS
1590
6. Geber für Bremsbelagverschleiß vorn links, Steuergerät im Schalttafeleinsatz, Bordnetzsteuergerät, Diagnose-Interface für Datenbus, Kontrollleuchte für Reifendruckkontrollanzeige
1591
7. Schalter für Handbremskontrolle, Warnkontakt für Bremsflüssigkeitsstand, Summer und Gong, Steuergerät im Schalttafeleinsatz, Kontrollleuchte für ABS, Kontrollleuchte für Bremsanlage
1592
220 - Antiblockiersystem (ABS) mit elektronischer Differentialsperre (EDS), Antriebsschlupfregelung (ASR) und elektronischem Stabilitätsprogramm (ESP)
1593-1600
1. Antiblockiersystem (ABS) mit elektronischer Differentialsperre (EDS), Antriebsschlupfregelung (ASR) und elektronischem Stabilitätsprogramm (ESP)
1593
2. Batterie, Steuergerät für ABS, Bordnetzsteuergerät	1594
3. Drehzahlfühler, Steuergerät für ABS, Bordnetzsteuergerät, Einlassventil, Schaltventil	1595
4. Sensoreinheit für ESP, Unterdruckgeber, Steuergerät für ABS, Ausiassventil für ABS hinten rechts, Auslassventil für ABS hinten links, Hydraulikpumpe für ABS
1596
5. Taster für ASR und ESP, Taster für Reifenkontrollanzeige, Bremsdruckgeber 1, Steuergerät für ABS	1597
6. Lenkwinkelgeber, Bordnetzsteuergerät, Steuergerät für Lenksäulenelektronik, Diagnose-Interface für Datenbus	1598
7. Geber für Bremsbelagverschleiß vorn links, Steuergerät im Schalttafeleinsatz, Bordnetzsteuergerät, Diagnose-Interface für Datenbus, Kontrollleuchte für ABS, Kontrollleuchte für ASR
1599
8. Schalter für Handbremskontrolle, Warnkontakt für Bremsflüssigkeitsstand, Summer und Gong, Steuergerät im Schalttafeleinsatz, Kontrollleuchte für Bremsanlage, Kontrollleuchte für ESP und ASR
1600
229 - Zusatzwasserheizung, Thermo Top V, bei Climatic, (Jetta)	1601-1607
1. Zusatzwasserheizung, Thermo Top V, bei Climatic, (Jetta)	1601
2. Steuergerät für Zusatzheizung, Absperrventil für Kühlmittel der Heizung, Verbrennungsluftgebläse, Heizelement für Kraftstoffvorwärmung
1602
3. Temperaturfühler, Überhitzungsfühler, Steuergerät für Zusatzheizung, Glühkerze mit Flammenüberwachung, Umwälzpumpe	1603
4. Steuergerät für Zusatzheizung, Navigationssystemantenne, Antennenweiche, Funkempfänger für Zusatzwasserheizung, Antenne für Zusatzheizung, Dosierpumpe
1604
5. Abruftaste für Multifunktionsanzeige, Resettaste, Schalter für Dachlüfter zur Laderaumbelüftung, Bordnetzsteuergerät	1605
6. Sicherungen	1606
7. Relais für Frischluftgebläse, Relais für Standheizbetrieb	1607
230 - Zusatzwasserheizung, Thermo Top V, bei Climatronic, (Jetta)	1608-1612
1. Zusatzwasserheizung, Thermo Top V, bei Climatronic, (Jetta)	1608
2. Steuergerät für Zusatzheizung, Bordnetzsteuergerät, Absperrventil für Kühlmittel der Heizung, Verbrennungsluftgebläse	1609
3. Temperaturfühler, Überhitzungsfühler, Steuergerät für Zusatzheizung, Glühkerze mit Flammenüberwachung, Umwälzpumpe	1610
4. Steuergerät für Zusatzheizung, Navigationssystemantenne, Telefonantenne, Antennenweiche, Funkempfänger für Zusatzwasserheizung
1611
5. Abruftaste für Multifunktionsanzeige, Resettaste, Schalter für Dachlüfter zur Laderaumbelüftung, Diagnose-Interface für Datenbus
1612
232 - Sicherungsbelegung, SA, SB, SC	1613-1644
1. Sicherungsbelegung, SA, SB, SC	1613
2. Batterie, Anlasser, Sicherungen (SA)	1614
3. Sicherungen (SA)	1615
4. Stromversorgungsrelais für Motronic, Relais für Spannungsversorgung der Kl. 30, Sicherungshalter für Simos-Steuergerät	1616
5. Sicherungen (SB)	1617
6. Sicherungen (SB)	1618
7. Sicherungen (SB)	1619
8. Sicherungen (SB)	1620
9. Sicherungen (SB)	1621
10. Sicherungen (SB)	1622
11. Sicherungen (SB)	1623
12. Sicherungen (SB)	1624
13. Sicherungen (SB)	1625
14. Sicherungen (SB)	1626
15. Sicherungen (SB)	1627
16. Sicherungen (SB)	1628
17. Sicherungen (SB)	1629
18. Sicherungen (SB)	1630
19. Entlastungsrelais für X-Kontakt, Sicherungen (SB)	1631
20. Bordnetzsteuergerät, Regelkraftstoffpumpe, Relais 2 für Spannungsversorgung der Kl. 15 Bordnetzsteuergerät, Sicherung (SC)	1632
21. Bordnetzsteuergerät, Sicherung (SC)	1633
22. Sicherungen (SC)	1634
23. Sicherungen (SC)	1635
24. Sicherungen (SC)	1636
25. Sicherungen (SC)	1637
26. Sicherungen (SC)	1638
27. Sicherungen (SC)	1639
28. Bordnetzsteuergerät, Sicherungen (SC)	1640
29. Sicherungen (SC)	1641
30. Sicherungen (SC)	1642
31. Bordnetzsteuergerät, Sicherungen (SC)	1643
32. Sicherungen (SC)	1644
233 - Sitzheizung, (Jetta)	1645-1650
1. Sitzheizung, (Jetta)	1645
2. Sitzheizung, Bordnetzsteuergerät, Sicherungen	1646
3. Steuergerät für beheizte Vordersitze, Sicherung SB	1647
4. Temperaturfühler für Fahrersitz, Steuergerät für beheizbare Vordersitze, beheizbarer Fahrersitz, beheizbare Fahrersitzlehne, Wangenheizung für Fahrersitz
1648
5. Temperaturfühler für Beifahrersitz, Steuergerät für beheizbare Vordersitze, beheizbarer Beifahrersitz, beheizbare Beifahrersitzlehne, Wangenheizung für Beifahrersitz
1649
6. Einsteller für beheizten Fahrersitz, Einsteller für beheizbaren Beifahrersitz	1650
236 - Anhängerbetrieb	1651-1653
1. Anhängerbetrieb	1651
2. Steuergerät für Anhängererkennung, Bordnetzsteuergerät, Sicherungen	1652
3. Steuergerät für Anhängererkennung, Bordnetzsteuergerät	1653
237 - 4-Kanal-Einparkhilfe (PDC¹), (7X1), (Jetta)	1654-1657
1. 4-Kanal-Einparkhilfe (PDC¹), (7X1), (Jetta)	1654
2. Steuergerät für Einparkhilfe, Sicherungen	1655
3. Steuergerät für Einparkhilfe, Warnsummer für Einparkhilfe hinten, Geber für Einparkhilfe hinten links, Geber für Einparkhilfe hinten links innen
1656
4. Steuergerät für Einparkhilfe, Geber für Einparkhilfe hinten rechts innen, Geber für Einparkhilfe hinten rechts	1657
238 - Luftzusatzheizung (PTC)	1658-1660
1. Luftzusatzheizung (PTC)	1658
2. Steuergerät für Zusatzheizung, Steuergerät 2 für Zusatzheizung, Sicherung (SA), Heizelement für Luftzusatzheizung	1659
3. Relais für Spannungsversorgung der Kl. 30	1660
240 - Radiosystem RCD 210 mit MP3	1661-1666
1. Radiosystem RCD 210 mit MP3	1661
2. Radio	1662
3. Radio, Lautsprecher vorn links	1663
4. Radio, Lautsprecher vorn rechts	1664
5. Radio, Lautsprecher hinten rechts, Radio, CD-Wechsler	1665
6. Relais für beheizbare Heckscheibe, Bordnetzsteuergerät, Radio, Antenne, Radioantenne 2, Frequenzfilter für Frequenzmodulation (FM) in der Minusleitung, Frequenzfilter für Frequenzmodulation (FM) in der Plusleitung, beheizbare Heckscheibe
1666
241 - Radiosystem RCD 310 mit MP3	1667-1672
1. Radiosystem RCD 310 mit MP3	1667
2. Radio	1668
3. Radio, Lautsprecher hinten links, Lautsprecher vorn links	1669
4. Radio, Lautsprecher hinten rechts, Lautsprecher vorn rechts	1670
5. Radio, Lautsprecher hinten rechts	1671
6. Relais für beheizbare Heckscheibe, Bordnetzsteuergerät, Radio, Antenne, Radioantenne 2, Frequenzfilter für Frequenzmodulation (FM) in der Minusleitung, Frequenzfilter für
1672
Frequenzmodulation (FM) in der Plusleitung
242 - Radiosystem RCD 310 (Japan)	1673-1679
1. Radiosystem RCD 310 (Japan)	1673
2. Radio	1674
3. Radio, Frequenzweiche links, Hochtonlautsprecher vorn links, Tieftonlautsprecher vorn links, Mitteltonlautsprecher vorn links	1675
4. Radio, Frequenzweiche rechts, Hochtonlautsprecher vorn rechts, Tieftonlautsprecher vorn rechts, Mitteltonlautsprecher vorn rechts	1676
5. Radio, Lautsprecher hinten rechts	1677
6. Bordnetzsteuergerät, Radio, CD-Wechsler	1678
7. Relais für beheizbare Heckscheibe, Bordnetzsteuergerät, Radio, Antenne, Radioantenne 2, Frequenzfilter für Frequenzmodulation (FM) in der Minusleitung, Frequenzfilter für Frequenzmodulation (FM) in der Plusleitung
1679
243 - Radiosystem RCD 510 mit MP3	1680-1685
1. Radiosystem RCD 510 mit MP3	1680
2. Radio	1681
3. Radio, Frequenzweiche links, Hochtonlautsprecher vorn links, Tieftonlautsprecher vorn links, Mitteltonlautsprecher vorn links	1682
4. Radio, Frequenzweiche rechts, Hochtonlautsprecher vorn rechts, Tieftonlautsprecher vorn rechts, Mitteltonlautsprecher vorn rechts	1683
5. Radio, Lautsprecher hinten links, Lautsprecher hinten rechts	1684
6. Relais für beheizbare Heckscheibe, Bordnetzsteuergerät, Radio, Antenne, Radioantenne 2, Frequenzfilter für Frequenzmodulation (FM) in der Minusleitung, Frequenzfilter für Frequenzmodulation (FM) in der Plusleitung
1685
244 - Radiosystem RDC 510 mit Empfänger für digitales Radio	1686-1691
1. Radiosystem RDC 510 mit Empfänger für digitales Radio	1686
2. Steuergerät für Anzeige- und Bedieneinheit	1687
3. Radio, Frequenzweiche links, Hochtonlautsprecher vorn links, Tieftonlautsprecher vorn links, Mitteltonlautsprecher vorn links	1688
4. Radio, Frequenzweiche rechts, Hochtonlautsprecher vorn rechts, Tieftonlautsprecher vorn rechts, Mitteltonlautsprecher vorn rechts	1689
5. Radio, Lautsprecher hinten links, Lautsprecher hinten rechts	1690
6. Relais für beheizbare Heckscheibe, Bordnetzsteuergerät, Radio, Antenne, Radioantenne 2, Frequenzfilter für Frequenzmodulation (FM) in der Minusleitung, Frequenzfilter für Frequenzmodulation (FM) in der Plusleitung
1691
245 - Radiosystem (MID) RDC 510 (Japan)	1692-1697
1. Radiosystem (MID) RDC 510 (Japan)	1692
2. Radio	1693
3. Radio	1694
4. Radio, Frequenzweiche links, Hochtonlautsprecher vorn links, Tieftonlautsprecher vorn links, Mitteltonlautsprecher vorn links	1695
5. Radio, Frequenzweiche rechts, Hochtonlautsprecher vorn rechts, Tieftonlautsprecher vorn rechts, Mitteltonlautsprecher vorn rechts	1696
6. Relais für beheizbare Heckscheibe, Bordnetzsteuergerät, Radio, Antenne, Radioantenne 2, Frequenzfilter für Frequenzmodulation (FM) in der Minusleitung, Frequenzfilter für Frequenzmodulation (FM) in der Plusleitung
1697
246 - Radio- Navigationssystem RNS 310	1698-1703
1. Radio- Navigationssystem RNS 310	1698
2. Steuergerät für Radio und Navigationssystem	1699
3. Steuergerät für Radio und Navigationssystem, Lautsprecher hinten links, Lautsprecher vorn links	1700
4. Steuergerät für Radio und Navigationssystem, Lautsprecher hinten rechts, Lautsprecher vorn rechts	1701
5. Bordnetzsteuergerät, Steuergerät für Radio und Navigationssystem, Bordnetzsteuergerät, CD-Wechsler	1702
6. Relais für beheizbare Heckscheibe, Steuergerät mit Anzeigeeinheit für Radio und Navigationssystem, Antenne, Radioantenne 2, Frequenzfilter für Frequenzmodulation (FM) in der Minusleitung, Frequenzfilter für Frequenzmodulation (FM) in der Plusleitung
1703
247 - Radio- Navigationssystem RNS 510	1704-1710
1. Radio- Navigationssystem RNS 510	1704
2. Steuergerät für Radio und Navigationssystem	1705
3. Steuergerät für Radio und Navigationssystem, Frequenzweiche links, Hochtonlautsprecher vorn links, Tieftonlautsprecher vorn links, Mitteltonlautsprecher vorn links
1706
4. Steuergerät für Radio und Navigationssystem, Frequenzweiche rechts, Hochtonlautsprecher vorn rechts, Tieftonlautsprecher vorn rechts, Mitteltonlautsprecher vorn rechts
1707
5. Steuergerät mit Anzeigeeinheit für Radio und Navigationssystem, Lautsprecher hinten links	1708
